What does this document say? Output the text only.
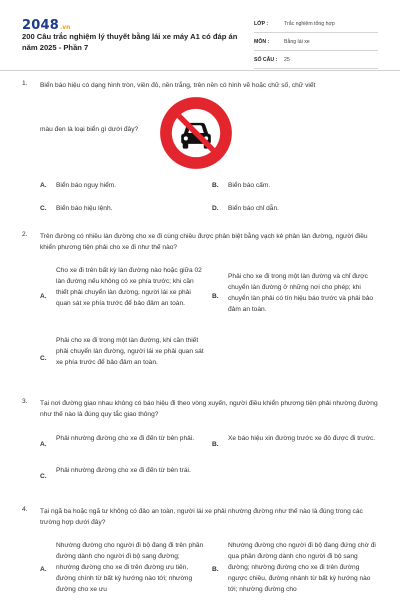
2048.vn
200 Câu trắc nghiệm lý thuyết bằng lái xe máy A1 có đáp án năm 2025 - Phần 7
LỚP :	Trắc nghiệm tổng hợp
MÔN :	Bằng lái xe
SỐ CÂU :	25
1. Biển báo hiệu có dạng hình tròn, viền đỏ, nền trắng, trên nền có hình vẽ hoặc chữ số, chữ viết
màu đen là loại biển gì dưới đây?
A. Biển báo nguy hiểm.	B. Biển báo cấm.
C. Biển báo hiệu lệnh.	D. Biển báo chỉ dẫn.
2. Trên đường có nhiều làn đường cho xe đi cùng chiều được phân biệt bằng vạch kẻ phân làn đường, người điều khiển phương tiện phải cho xe đi như thế nào?
A.
Cho xe đi trên bất kỳ làn đường nào hoặc giữa 02 làn đường nếu không có xe phía trước; khi cần thiết phải chuyển làn đường, người lái xe phải quan sát xe phía trước để bảo đảm an toàn.
B.
Phải cho xe đi trong một làn đường và chỉ được chuyển làn đường ở những nơi cho phép; khi chuyển làn phải có tín hiệu báo trước và phải bảo đảm an toàn.
C.
Phải cho xe đi trong một làn đường, khi cần thiết phải chuyển làn đường, người lái xe phải quan sát xe phía trước để bảo đảm an toàn.
3. Tại nơi đường giao nhau không có báo hiệu đi theo vòng xuyến, người điều khiển phương tiện phải nhường đường như thế nào là đúng quy tắc giao thông?
A.
Phải nhường đường cho xe đi đến từ bên phải.
B.
Xe báo hiệu xin đường trước xe đó được đi trước.
C.
Phải nhường đường cho xe đi đến từ bên trái.
4. Tại ngã ba hoặc ngã tư không có đảo an toàn, người lái xe phải nhường đường như thế nào là đúng trong các trường hợp dưới đây?
A.
Nhường đường cho người đi bộ đang đi trên phần đường dành cho người đi bộ sang đường; nhường đường cho xe đi trên đường ưu tiên, đường chính từ bất kỳ hướng nào tới; nhường đường cho xe ưu
B.
Nhường đường cho người đi bộ đang đứng chờ đi qua phần đường dành cho người đi bộ sang đường; nhường đường cho xe đi trên đường ngược chiều, đường nhánh từ bất kỳ hướng nào tới; nhường đường cho
